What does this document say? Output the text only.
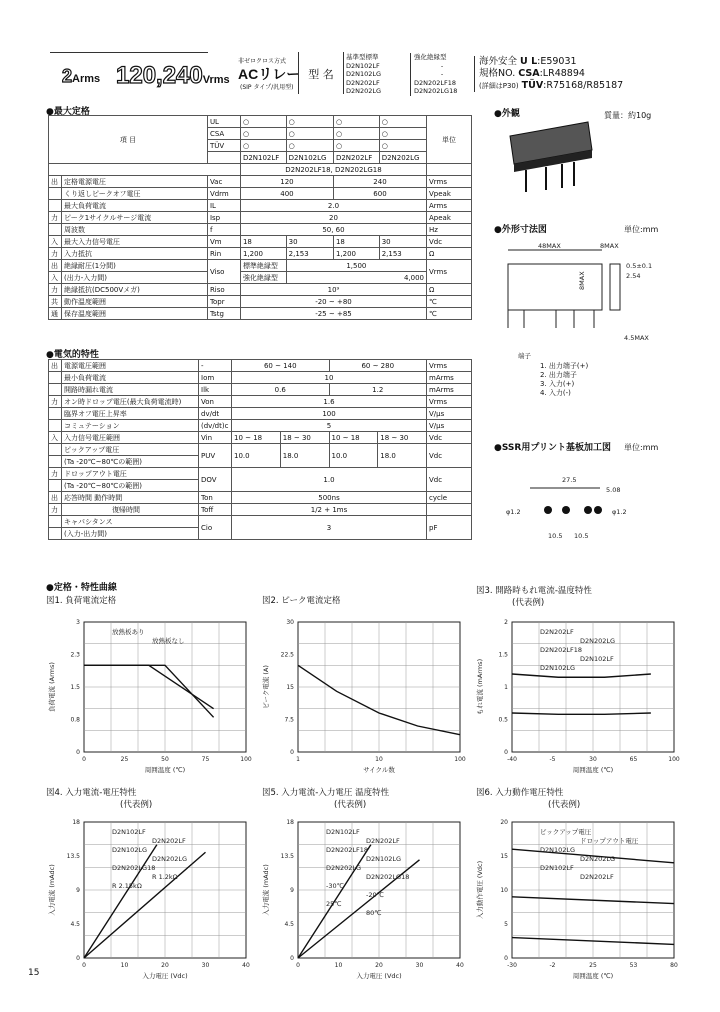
2Arms 120,240Vrms
非ゼロクロス方式
ACリレー
(SIP タイプ/汎用型)
型 名
基準型標準
D2N102LF
D2N102LG
D2N202LF
D2N202LG
強化絶縁型
-
-
D2N202LF18
D2N202LG18
海外安全 U L:E59031
規格NO. CSA:LR48894
(詳細はP30) TÜV:R75168/R85187
●最大定格
項 目		UL	○	○	○	○	単位
		CSA	○	○	○	○	
		TÜV	○	○	○	○	
			D2N102LF	D2N102LG	D2N202LF	D2N202LG	
			D2N202LF18, D2N202LG18				
出	定格電源電圧	Vac	120		240		Vrms
	くり返しピークオフ電圧	Vdrm	400		600		Vpeak
	最大負荷電流	IL	2.0				Arms
力	ピーク1サイクルサージ電流	Isp	20				Apeak
	周波数	f	50, 60				Hz
入	最大入力信号電圧	Vm	18	30	18	30	Vdc
力	入力抵抗	Rin	1,200	2,153	1,200	2,153	Ω
出	絶縁耐圧(1分間)	Viso	標準絶縁型	1,500			Vrms
入	(出力-入力間)		強化絶縁型	4,000			
力	絶縁抵抗(DC500Vメガ)	Riso	10⁹				Ω
共	動作温度範囲	Topr	-20 ~ +80				℃
通	保存温度範囲	Tstg	-25 ~ +85				℃
●電気的特性
出	電源電圧範囲	-	60 ~ 140		60 ~ 280		Vrms
	最小負荷電流	Iom	10				mArms
	開路時漏れ電流	Ilk	0.6		1.2		mArms
力	オン時ドロップ電圧(最大負荷電流時)	Von	1.6				Vrms
	臨界オフ電圧上昇率	dv/dt	100				V/μs
	コミュテーション	(dv/dt)c	5				V/μs
入	入力信号電圧範囲	Vin	10 ~ 18	18 ~ 30	10 ~ 18	18 ~ 30	Vdc
	ピックアップ電圧	PUV	10.0	18.0	10.0	18.0	Vdc
	(Ta -20℃~80℃の範囲)						
力	ドロップアウト電圧	DOV	1.0				Vdc
	(Ta -20℃~80℃の範囲)						
出	応答時間 動作時間	Ton	500ns				cycle
力	復帰時間	Toff	1/2 + 1ms				
	キャパシタンス	Cio	3				pF
	(入力-出力間)						
●外観	質量：約10g
●外形寸法図	単位:mm
48MAX
8MAX
8MAX
0.5±0.1
2.54
4.5MAX
端子
1. 出力端子(+)
2. 出力端子
3. 入力(+)
4. 入力(-)
●SSR用プリント基板加工図 単位:mm
27.5
5.08
φ1.2	φ1.2
10.5 10.5
●定格・特性曲線
図1. 負荷電流定格	図2. ピーク電流定格
図3. 開路時もれ電流-温度特性
(代表例)
図4. 入力電流-電圧特性
(代表例)
図5. 入力電流-入力電圧 温度特性
(代表例)
図6. 入力動作電圧特性
(代表例)
0
0.8
1.5
2.3
3
0	25	50	75	100
周囲温度 (℃)
負荷電流 (Arms)
放熱板あり
放熱板なし
0
7.5
15
22.5
30
1	10	100
サイクル数
ピーク電流 (A)
0
0.5
1
1.5
2
-40	-5	30	65	100
周囲温度 (℃)
もれ電流 (mArms)
D2N202LF
D2N202LG
D2N202LF18
D2N102LF
D2N102LG
0
4.5
9
13.5
18
0	10	20	30	40
入力電圧 (Vdc)
入力電流 (mAdc)
D2N102LF
D2N202LF
D2N102LG
D2N202LG
D2N202LG18
R 1.2kΩ
R 2.15kΩ
0
4.5
9
13.5
18
0	10	20	30	40
入力電圧 (Vdc)
入力電流 (mAdc)
D2N102LF
D2N202LF
D2N202LF18
D2N102LG
D2N202LG
D2N202LG18
-30℃
-20℃
25℃
80℃
0
5
10
15
20
-30	-2	25	53	80
周囲温度 (℃)
入力動作電圧 (Vdc)
ピックアップ電圧
ドロップアウト電圧
D2N102LG
D2N202LG
D2N102LF
D2N202LF
15
